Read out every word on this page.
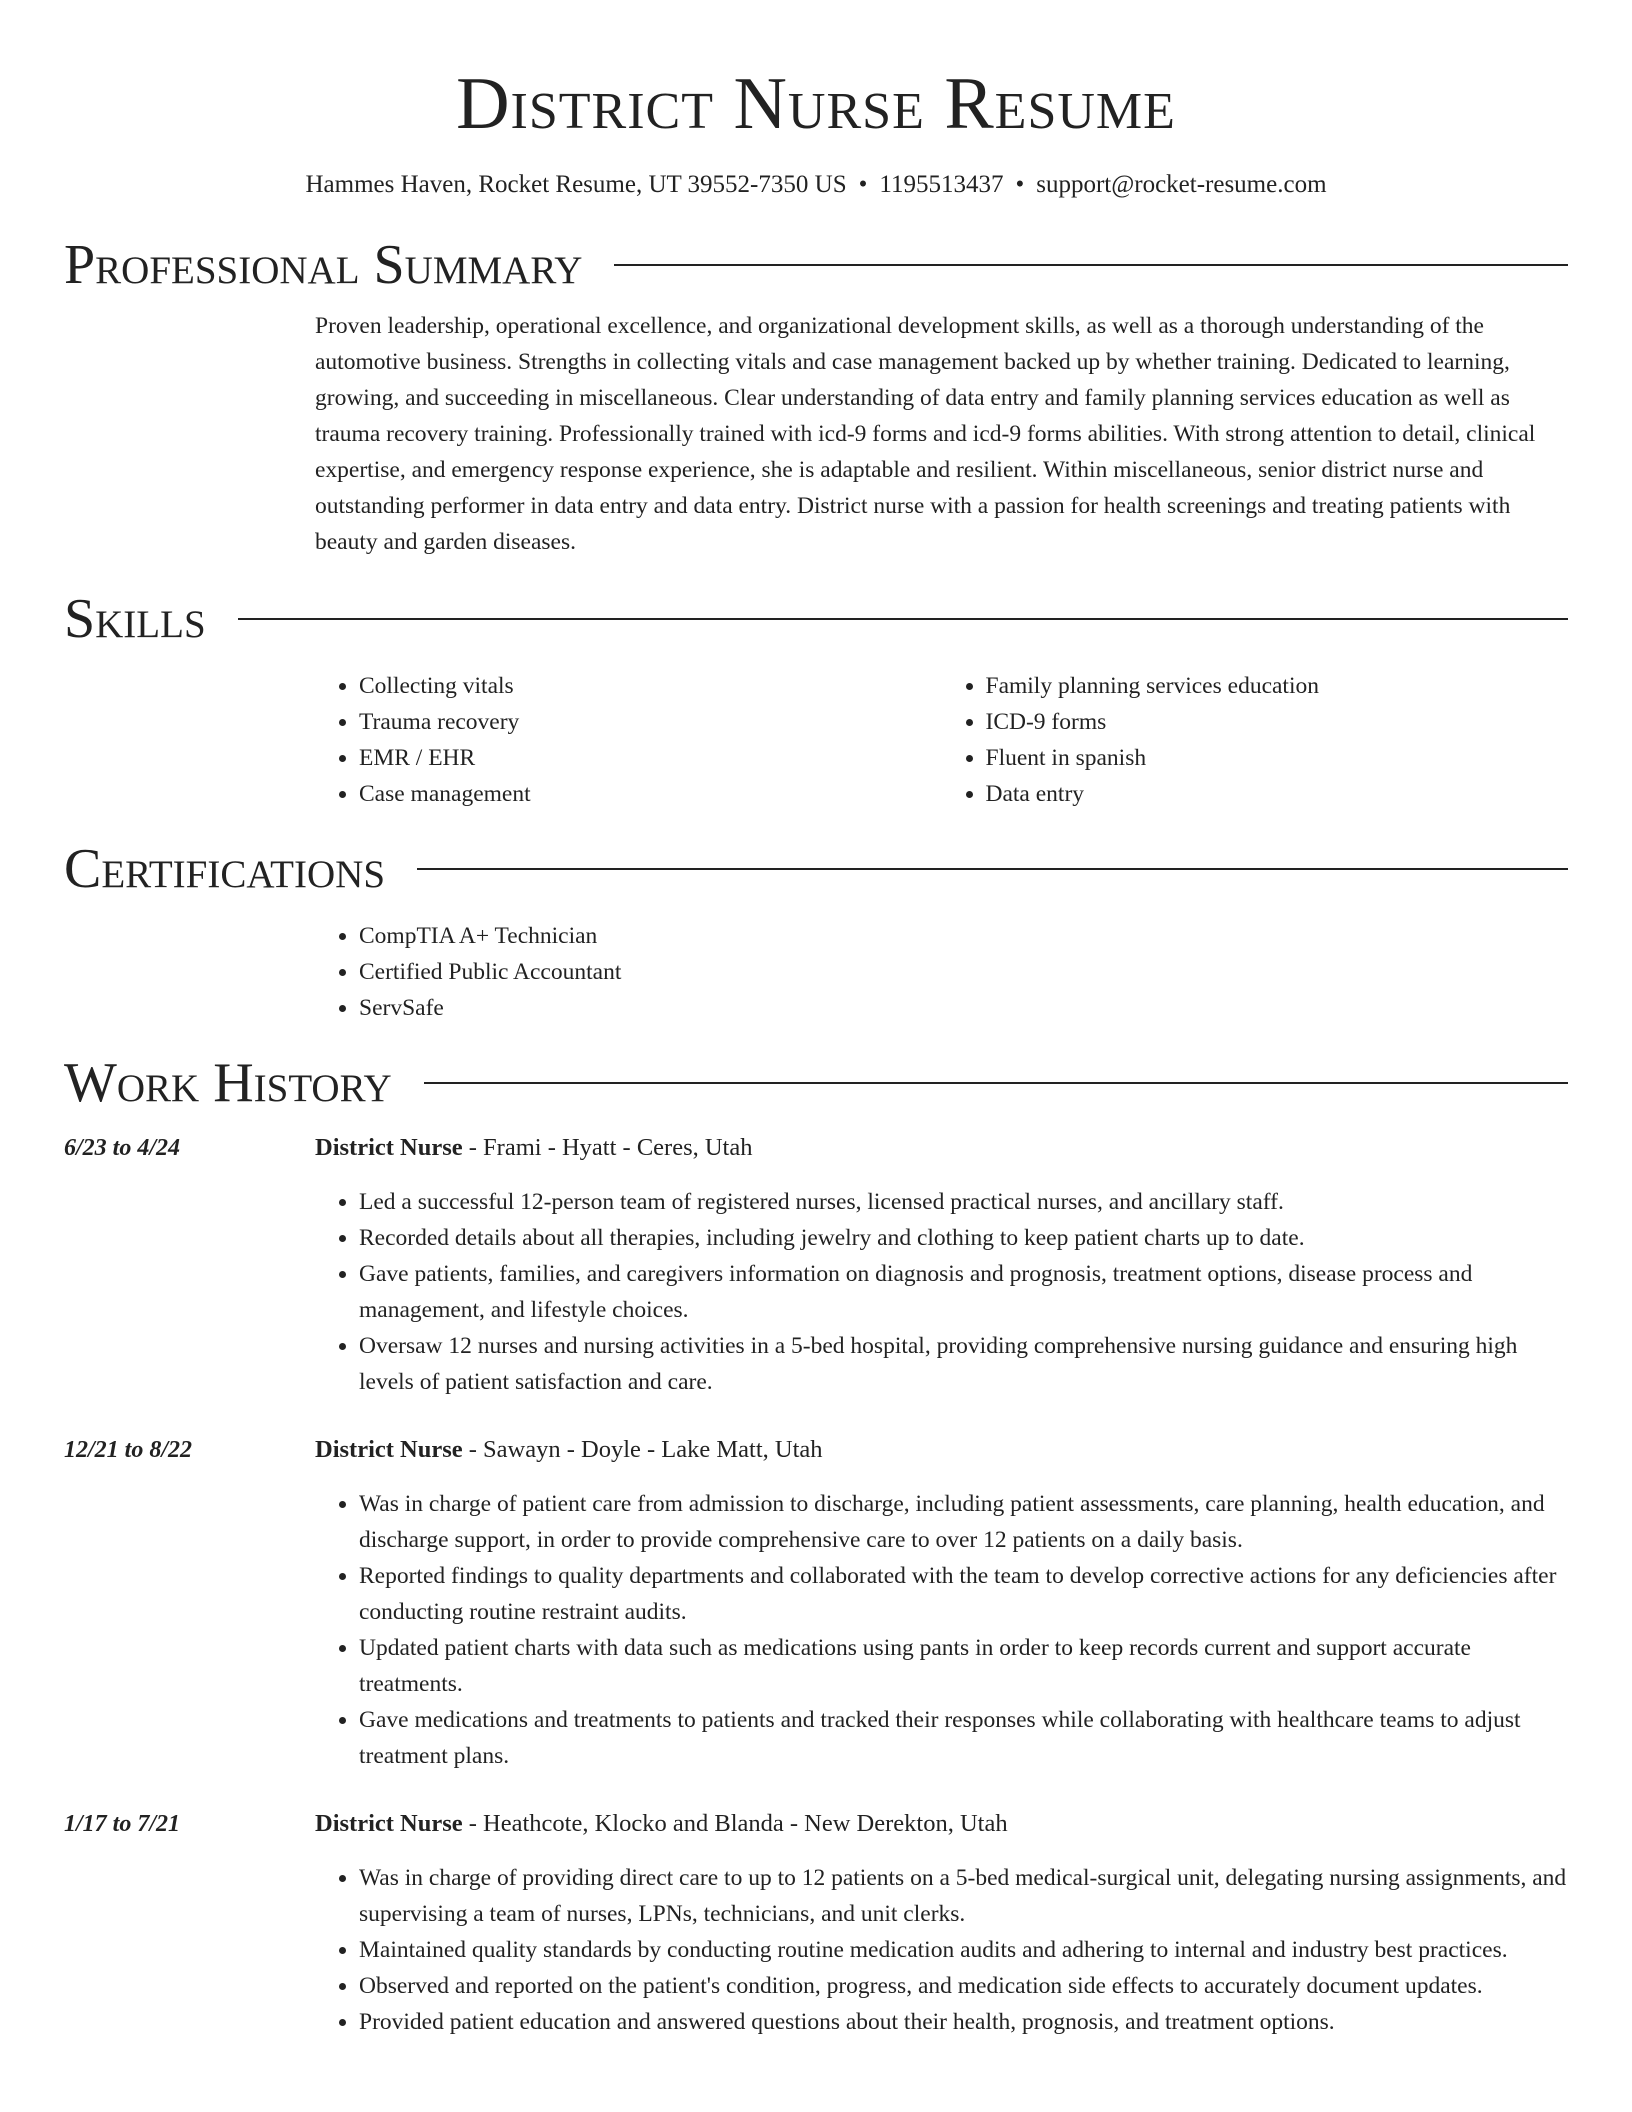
District Nurse Resume
Hammes Haven, Rocket Resume, UT 39552-7350 US • 1195513437 • support@rocket-resume.com
Professional Summary

Proven leadership, operational excellence, and organizational development skills, as well as a thorough understanding of the automotive business. Strengths in collecting vitals and case management backed up by whether training. Dedicated to learning, growing, and succeeding in miscellaneous. Clear understanding of data entry and family planning services education as well as trauma recovery training. Professionally trained with icd-9 forms and icd-9 forms abilities. With strong attention to detail, clinical expertise, and emergency response experience, she is adaptable and resilient. Within miscellaneous, senior district nurse and outstanding performer in data entry and data entry. District nurse with a passion for health screenings and treating patients with beauty and garden diseases.

Skills
• Collecting vitals
• Trauma recovery
• EMR / EHR
• Case management
• Family planning services education
• ICD-9 forms
• Fluent in spanish
• Data entry
Certifications
• CompTIA A+ Technician
• Certified Public Accountant
• ServSafe
Work History
6/23 to 4/24	District Nurse - Frami - Hyatt - Ceres, Utah
• Led a successful 12-person team of registered nurses, licensed practical nurses, and ancillary staff.
• Recorded details about all therapies, including jewelry and clothing to keep patient charts up to date.
• Gave patients, families, and caregivers information on diagnosis and prognosis, treatment options, disease process and management, and lifestyle choices.
• Oversaw 12 nurses and nursing activities in a 5-bed hospital, providing comprehensive nursing guidance and ensuring high levels of patient satisfaction and care.
12/21 to 8/22	District Nurse - Sawayn - Doyle - Lake Matt, Utah
• Was in charge of patient care from admission to discharge, including patient assessments, care planning, health education, and discharge support, in order to provide comprehensive care to over 12 patients on a daily basis.
• Reported findings to quality departments and collaborated with the team to develop corrective actions for any deficiencies after conducting routine restraint audits.
• Updated patient charts with data such as medications using pants in order to keep records current and support accurate treatments.
• Gave medications and treatments to patients and tracked their responses while collaborating with healthcare teams to adjust treatment plans.
1/17 to 7/21	District Nurse - Heathcote, Klocko and Blanda - New Derekton, Utah
• Was in charge of providing direct care to up to 12 patients on a 5-bed medical-surgical unit, delegating nursing assignments, and supervising a team of nurses, LPNs, technicians, and unit clerks.
• Maintained quality standards by conducting routine medication audits and adhering to internal and industry best practices.
• Observed and reported on the patient's condition, progress, and medication side effects to accurately document updates.
• Provided patient education and answered questions about their health, prognosis, and treatment options.
